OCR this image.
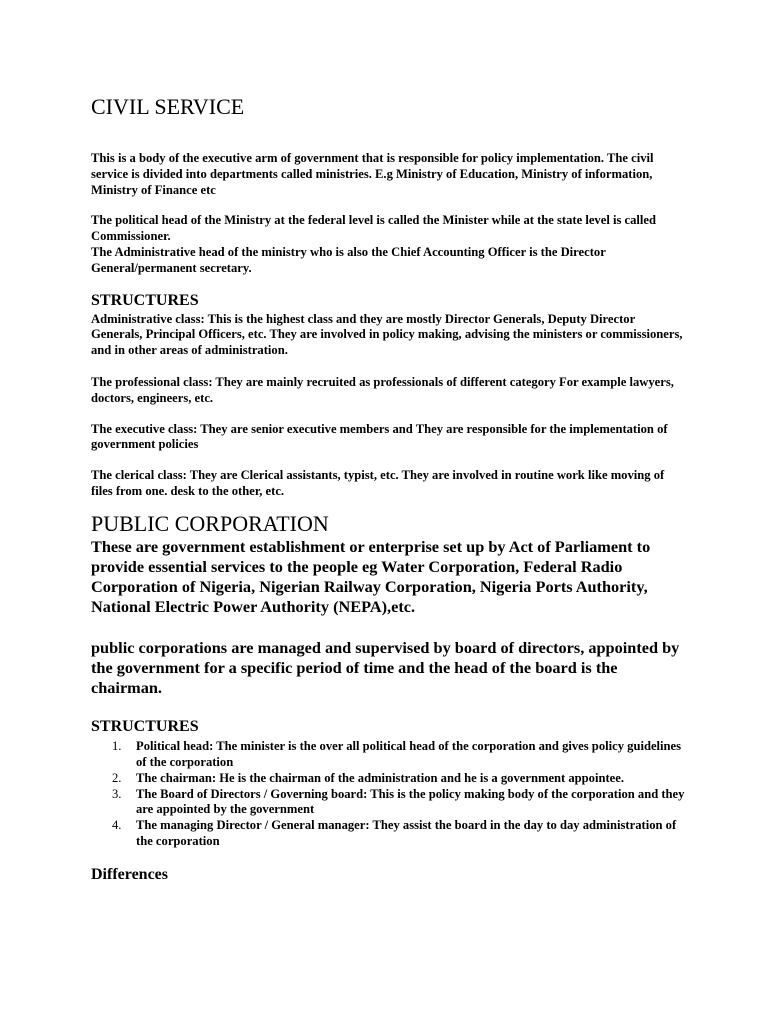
CIVIL SERVICE

This is a body of the executive arm of government that is responsible for policy implementation. The civil service is divided into departments called ministries. E.g Ministry of Education, Ministry of information, Ministry of Finance etc

The political head of the Ministry at the federal level is called the Minister while at the state level is called Commissioner.

The Administrative head of the ministry who is also the Chief Accounting Officer is the Director General/permanent secretary.

STRUCTURES

Administrative class: This is the highest class and they are mostly Director Generals, Deputy Director Generals, Principal Officers, etc. They are involved in policy making, advising the ministers or commissioners, and in other areas of administration.

The professional class: They are mainly recruited as professionals of different category For example lawyers, doctors, engineers, etc.

The executive class: They are senior executive members and They are responsible for the implementation of government policies

The clerical class: They are Clerical assistants, typist, etc. They are involved in routine work like moving of files from one. desk to the other, etc.

PUBLIC CORPORATION

These are government establishment or enterprise set up by Act of Parliament to provide essential services to the people eg Water Corporation, Federal Radio Corporation of Nigeria, Nigerian Railway Corporation, Nigeria Ports Authority, National Electric Power Authority (NEPA),etc.

public corporations are managed and supervised by board of directors, appointed by the government for a specific period of time and the head of the board is the chairman.

STRUCTURES
1. Political head: The minister is the over all political head of the corporation and gives policy guidelines of the corporation
2. The chairman: He is the chairman of the administration and he is a government appointee.
3. The Board of Directors / Governing board: This is the policy making body of the corporation and they are appointed by the government
4. The managing Director / General manager: They assist the board in the day to day administration of the corporation
Differences
